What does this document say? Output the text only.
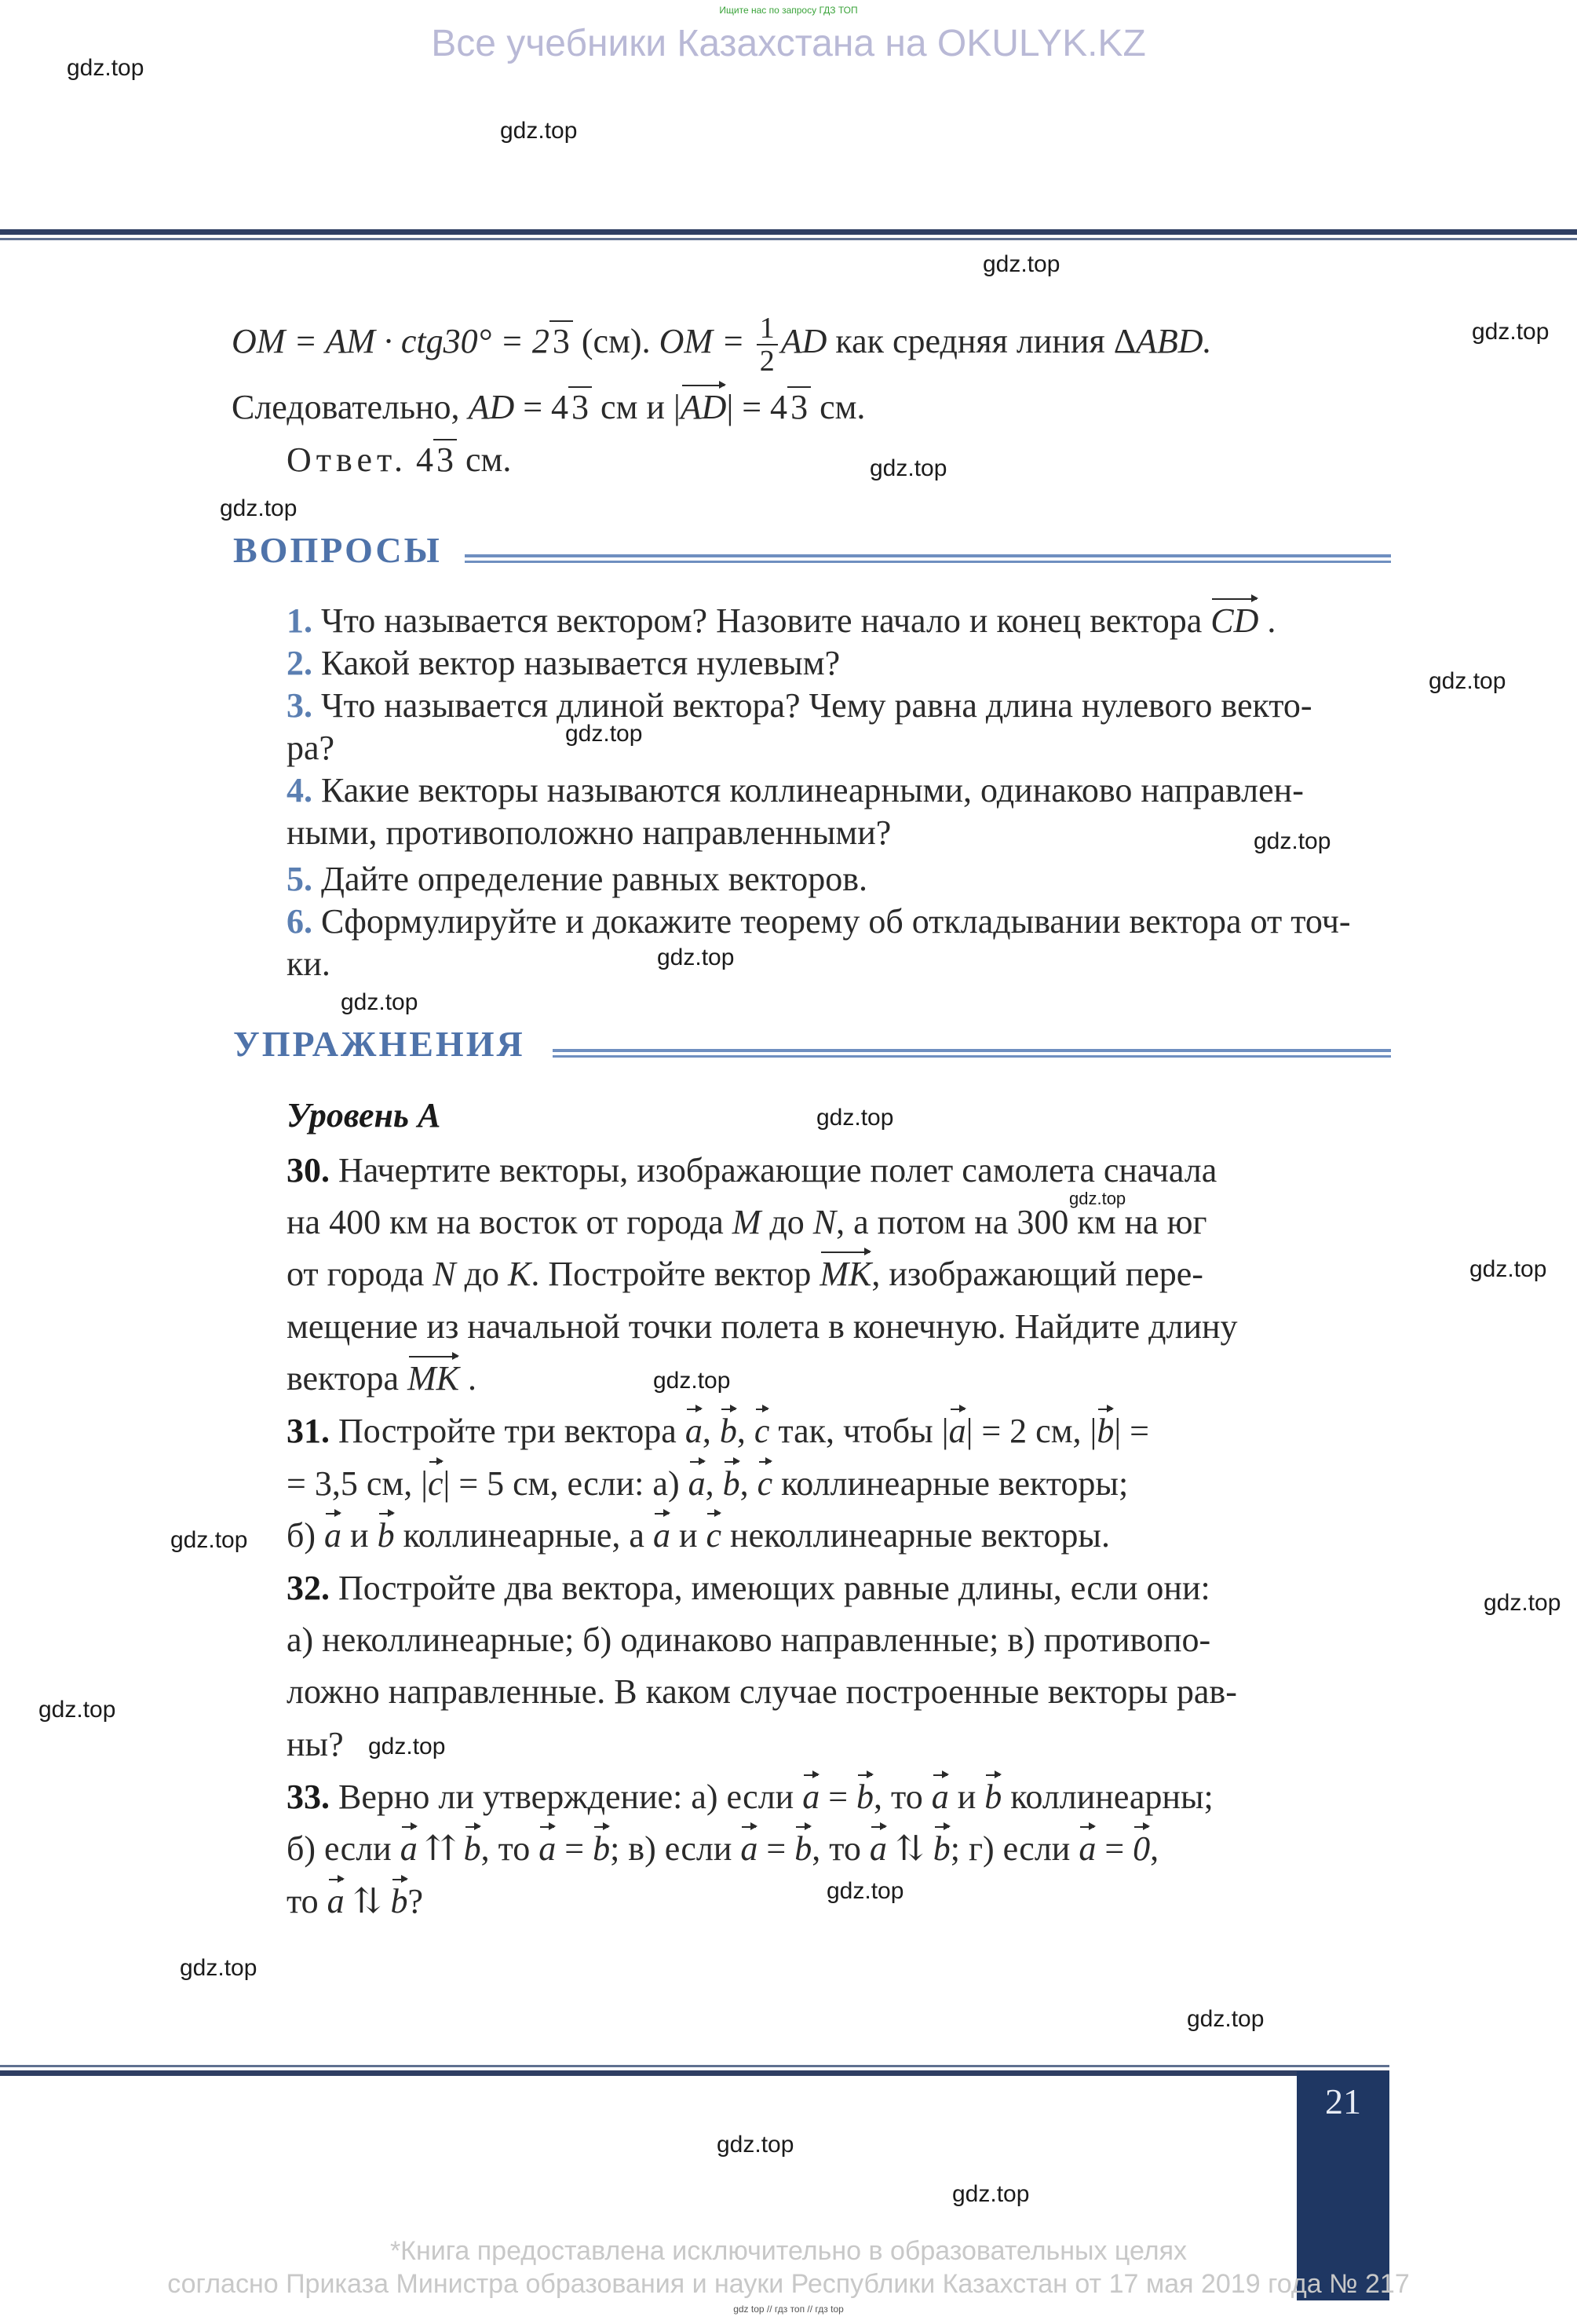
Ищите нас по запросу ГДЗ ТОП
Все учебники Казахстана на OKULYK.KZ
OM = AM · ctg30° = 23 (см). OM = $\frac{1}{2}$ AD как средняя линия ΔABD.
Следовательно, AD = 43 см и |AD| = 43 см.
Ответ. 43 см.
ВОПРОСЫ
1. Что называется вектором? Назовите начало и конец вектора CD .
2. Какой вектор называется нулевым?
3. Что называется длиной вектора? Чему равна длина нулевого векто-
ра?
4. Какие векторы называются коллинеарными, одинаково направлен-
ными, противоположно направленными?
5. Дайте определение равных векторов.
6. Сформулируйте и докажите теорему об откладывании вектора от точ-
ки.
УПРАЖНЕНИЯ
Уровень А
30. Начертите векторы, изображающие полет самолета сначала
на 400 км на восток от города M до N, а потом на 300 км на юг
от города N до K. Постройте вектор MK, изображающий пере-
мещение из начальной точки полета в конечную. Найдите длину
вектора MK .
31. Постройте три вектора a, b, c так, чтобы |a| = 2 см, |b| =
= 3,5 см, |c| = 5 см, если: а) a, b, c коллинеарные векторы;
б) a и b коллинеарные, а a и c неколлинеарные векторы.
32. Постройте два вектора, имеющих равные длины, если они:
а) неколлинеарные; б) одинаково направленные; в) противопо-
ложно направленные. В каком случае построенные векторы рав-
ны?
33. Верно ли утверждение: а) если a = b, то a и b коллинеарны;
б) если a ⇈ b, то a = b; в) если a = b, то a ⇅ b; г) если a = 0,
то a ⇅ b?
21
*Книга предоставлена исключительно в образовательных целях
согласно Приказа Министра образования и науки Республики Казахстан от 17 мая 2019 года № 217
gdz top // гдз топ // гдз top
gdz.top
gdz.top
gdz.top
gdz.top
gdz.top
gdz.top
gdz.top
gdz.top
gdz.top
gdz.top
gdz.top
gdz.top
gdz.top
gdz.top
gdz.top
gdz.top
gdz.top
gdz.top
gdz.top
gdz.top
gdz.top
gdz.top
gdz.top
gdz.top
